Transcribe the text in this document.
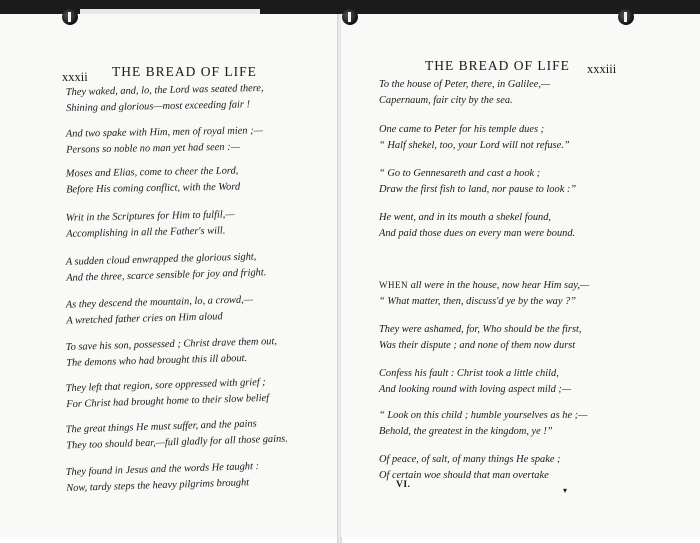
xxxii THE BREAD OF LIFE
They waked, and, lo, the Lord was seated there,
Shining and glorious—most exceeding fair !
And two spake with Him, men of royal mien ;—
Persons so noble no man yet had seen :—
Moses and Elias, come to cheer the Lord,
Before His coming conflict, with the Word
Writ in the Scriptures for Him to fulfil,—
Accomplishing in all the Father's will.
A sudden cloud enwrapped the glorious sight,
And the three, scarce sensible for joy and fright.
As they descend the mountain, lo, a crowd,—
A wretched father cries on Him aloud
To save his son, possessed ; Christ drave them out,
The demons who had brought this ill about.
They left that region, sore oppressed with grief ;
For Christ had brought home to their slow belief
The great things He must suffer, and the pains
They too should bear,—full gladly for all those gains.
They found in Jesus and the words He taught :
Now, tardy steps the heavy pilgrims brought
THE BREAD OF LIFE xxxiii
To the house of Peter, there, in Galilee,—
Capernaum, fair city by the sea.
One came to Peter for his temple dues ;
“ Half shekel, too, your Lord will not refuse.”
“ Go to Gennesareth and cast a hook ;
Draw the first fish to land, nor pause to look :”
He went, and in its mouth a shekel found,
And paid those dues on every man were bound.
WHEN all were in the house, now hear Him say,—
“ What matter, then, discuss'd ye by the way ?”
They were ashamed, for, Who should be the first,
Was their dispute ; and none of them now durst
Confess his fault : Christ took a little child,
And looking round with loving aspect mild ;—
“ Look on this child ; humble yourselves as he ;—
Behold, the greatest in the kingdom, ye !”
Of peace, of salt, of many things He spake ;
Of certain woe should that man overtake
VI.
▾
